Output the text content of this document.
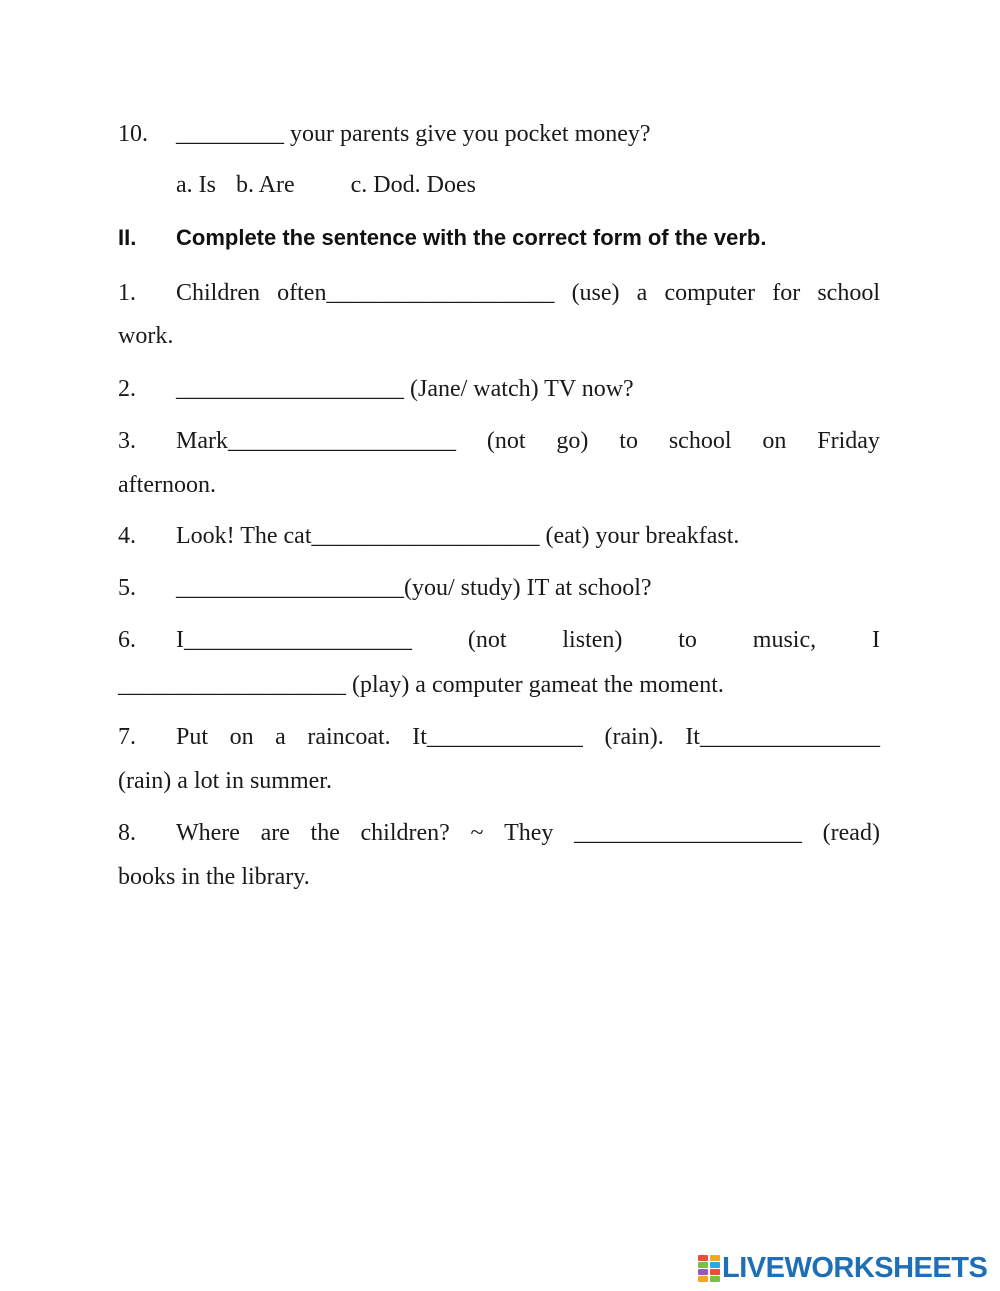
10. _________ your parents give you pocket money?
a. Is b. Are c. Dod. Does
II. Complete the sentence with the correct form of the verb.
1. Children often___________________ (use) a computer for school
work.
2. ___________________ (Jane/ watch) TV now?
3. Mark___________________ (not go) to school on Friday
afternoon.
4. Look! The cat___________________ (eat) your breakfast.
5. ___________________(you/ study) IT at school?
6. I___________________ (not listen) to music, I
___________________ (play) a computer gameat the moment.
7. Put on a raincoat. It_____________ (rain). It_______________
(rain) a lot in summer.
8. Where are the children? ~ They ___________________ (read)
books in the library.
LIVEWORKSHEETS
